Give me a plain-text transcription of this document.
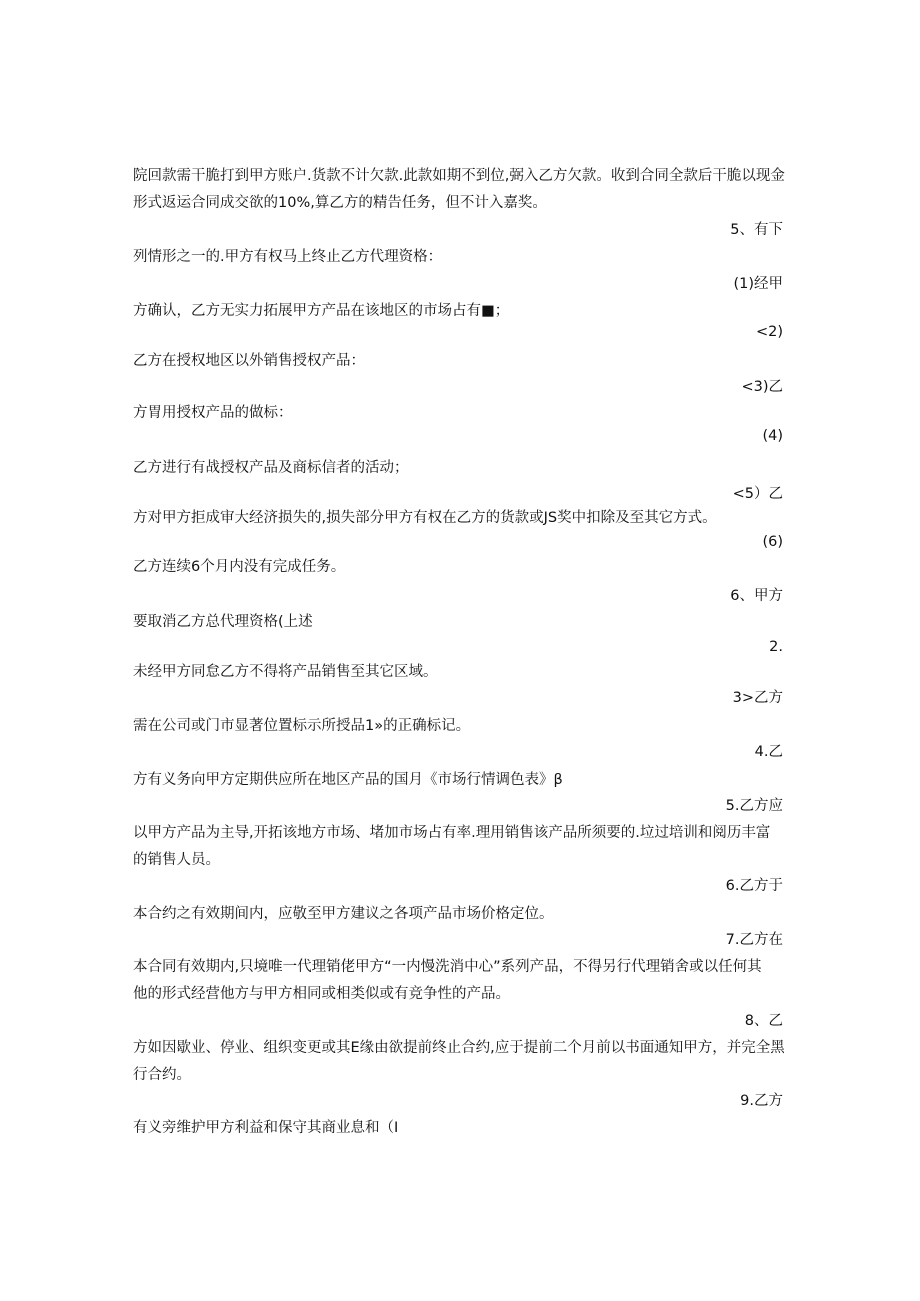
院回款需干脆打到甲方账户.货款不计欠款.此款如期不到位,弼入乙方欠款。收到合同全款后干脆以现金
形式返运合同成交欲的10%,算乙方的精告任务，但不计入嘉奖。
5、有下
列情形之一的.甲方有权马上终止乙方代理资格：
(1)经甲
方确认，乙方无实力拓展甲方产品在该地区的市场占有■；
<2)
乙方在授权地区以外销售授权产品：
<3)乙
方胃用授权产品的做标：
(4)
乙方进行有战授权产品及商标信者的活动；
<5）乙
方对甲方拒成审大经济损失的,损失部分甲方有权在乙方的货款或JS奖中扣除及至其它方式。
(6)
乙方连续6个月内没有完成任务。
6、甲方
要取消乙方总代理资格(上述
2.
未经甲方同怠乙方不得将产品销售至其它区域。
3>乙方
需在公司或门市显著位置标示所授品1»的正确标记。
4.乙
方有义务向甲方定期供应所在地区产品的国月《市场行情调色表》β
5.乙方应
以甲方产品为主导,开拓该地方市场、堵加市场占有率.理用销售该产品所须要的.垃过培训和阅历丰富
的销售人员。
6.乙方于
本合约之有效期间内，应敬至甲方建议之各项产品市场价格定位。
7.乙方在
本合同有效期内,只境唯一代理销佬甲方“一内慢洗消中心”系列产品，不得另行代理销舍或以任何其
他的形式经营他方与甲方相同或相类似或有竞争性的产品。
8、乙
方如因歇业、停业、组织变更或其E缘由欲提前终止合约,应于提前二个月前以书面通知甲方，并完全黑
行合约。
9.乙方
有义旁维护甲方利益和保守其商业息和（I
